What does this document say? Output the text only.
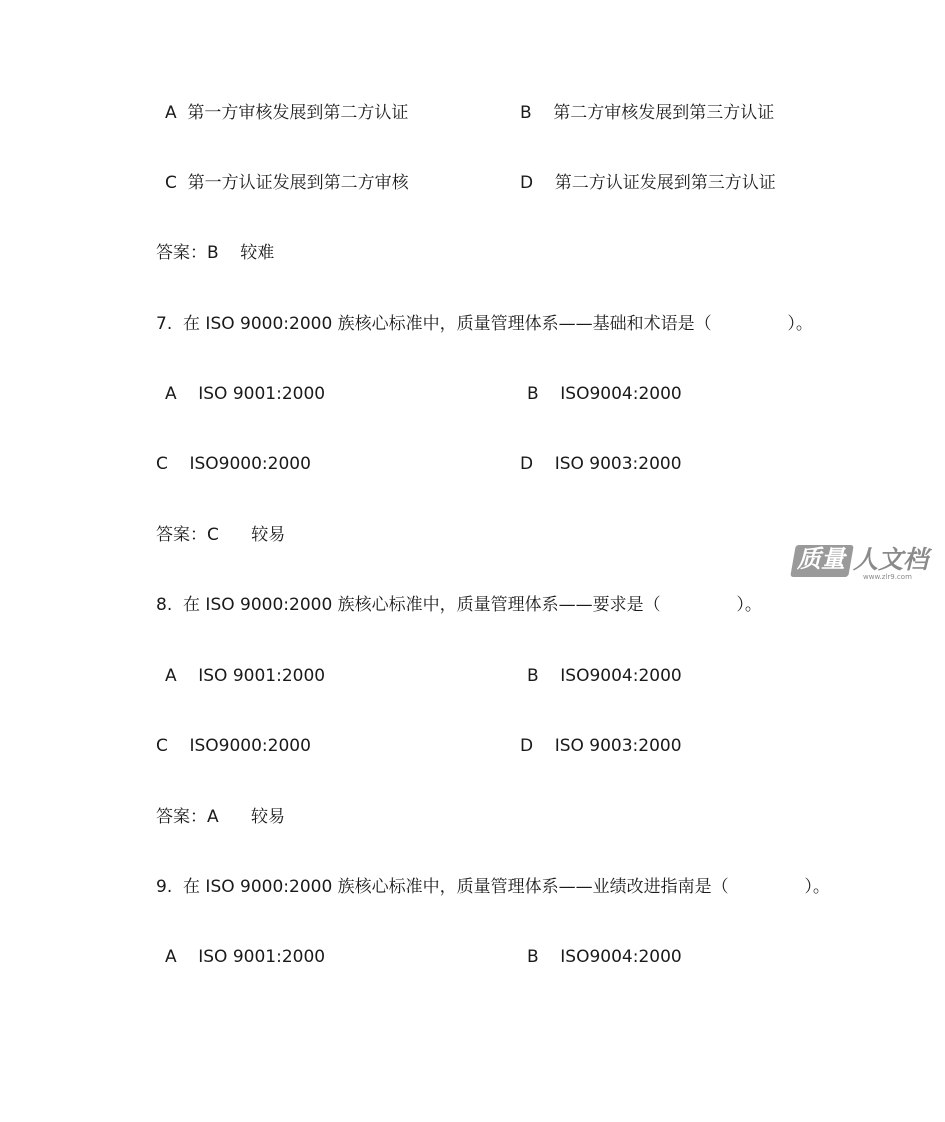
A  第一方审核发展到第二方认证	B    第二方审核发展到第三方认证
C  第一方认证发展到第二方审核	D    第二方认证发展到第三方认证
答案：B    较难
7.  在 ISO 9000:2000 族核心标准中，质量管理体系——基础和术语是（              ）。
A    ISO 9001:2000	B    ISO9004:2000
C    ISO9000:2000	D    ISO 9003:2000
答案：C      较易
8.  在 ISO 9000:2000 族核心标准中，质量管理体系——要求是（              ）。
A    ISO 9001:2000	B    ISO9004:2000
C    ISO9000:2000	D    ISO 9003:2000
答案：A      较易
9.  在 ISO 9000:2000 族核心标准中，质量管理体系——业绩改进指南是（              ）。
A    ISO 9001:2000	B    ISO9004:2000
质量 人文档
www.zlr9.com
